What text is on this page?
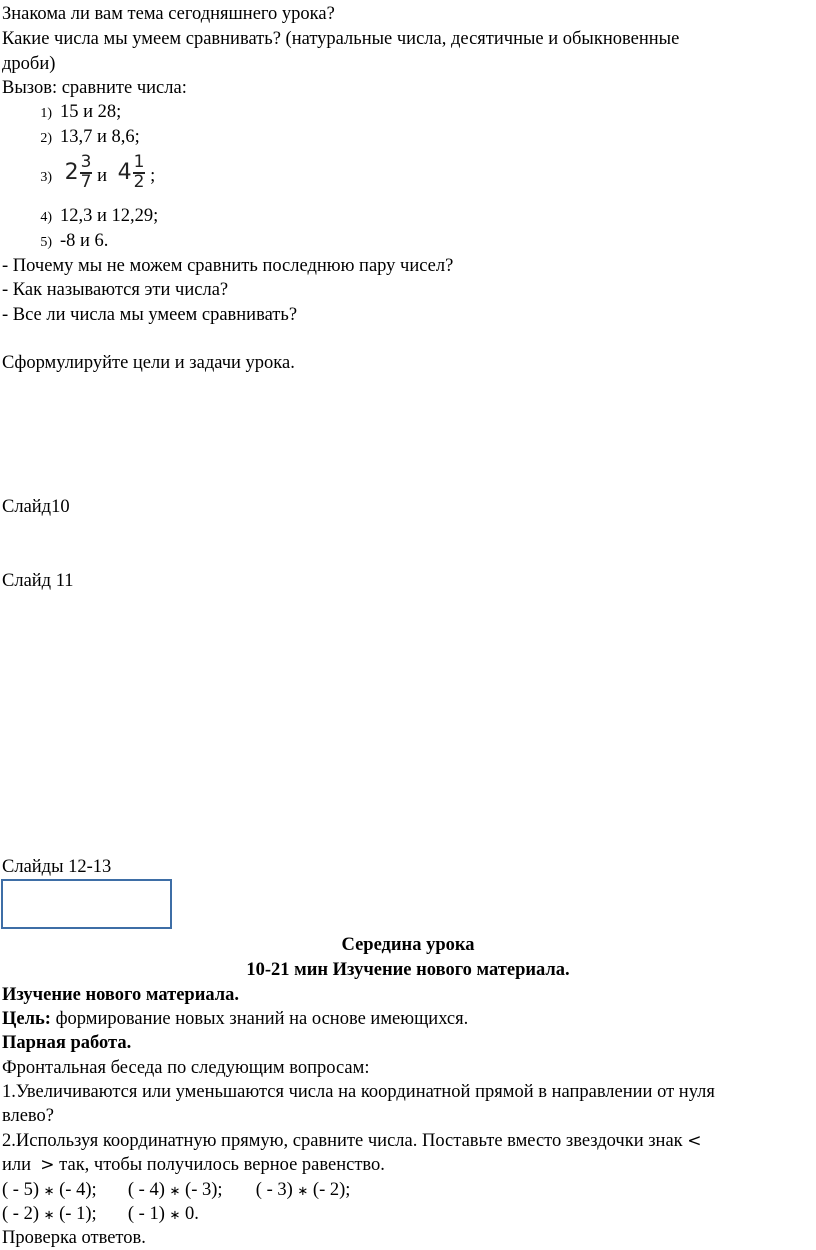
Знакома ли вам тема сегодняшнего урока?
Какие числа мы умеем сравнивать? (натуральные числа, десятичные и обыкновенные
дроби)
Вызов: сравните числа:
1) 15 и 28;
2) 13,7 и 8,6;
3) 2 3
7 и 4 1
2 ;
4) 12,3 и 12,29;
5) -8 и 6.
- Почему мы не можем сравнить последнюю пару чисел?
- Как называются эти числа?
- Все ли числа мы умеем сравнивать?
Сформулируйте цели и задачи урока.
Слайд10
Слайд 11
Слайды 12-13
Середина урока
10-21 мин Изучение нового материала.
Изучение нового материала.
Цель: формирование новых знаний на основе имеющихся.
Парная работа.
Фронтальная беседа по следующим вопросам:
1.Увеличиваются или уменьшаются числа на координатной прямой в направлении от нуля
влево?
2.Используя координатную прямую, сравните числа. Поставьте вместо звездочки знак <
или > так, чтобы получилось верное равенство.
( - 5) ∗ (- 4); ( - 4) ∗ (- 3); ( - 3) ∗ (- 2);
( - 2) ∗ (- 1); ( - 1) ∗ 0.
Проверка ответов.
